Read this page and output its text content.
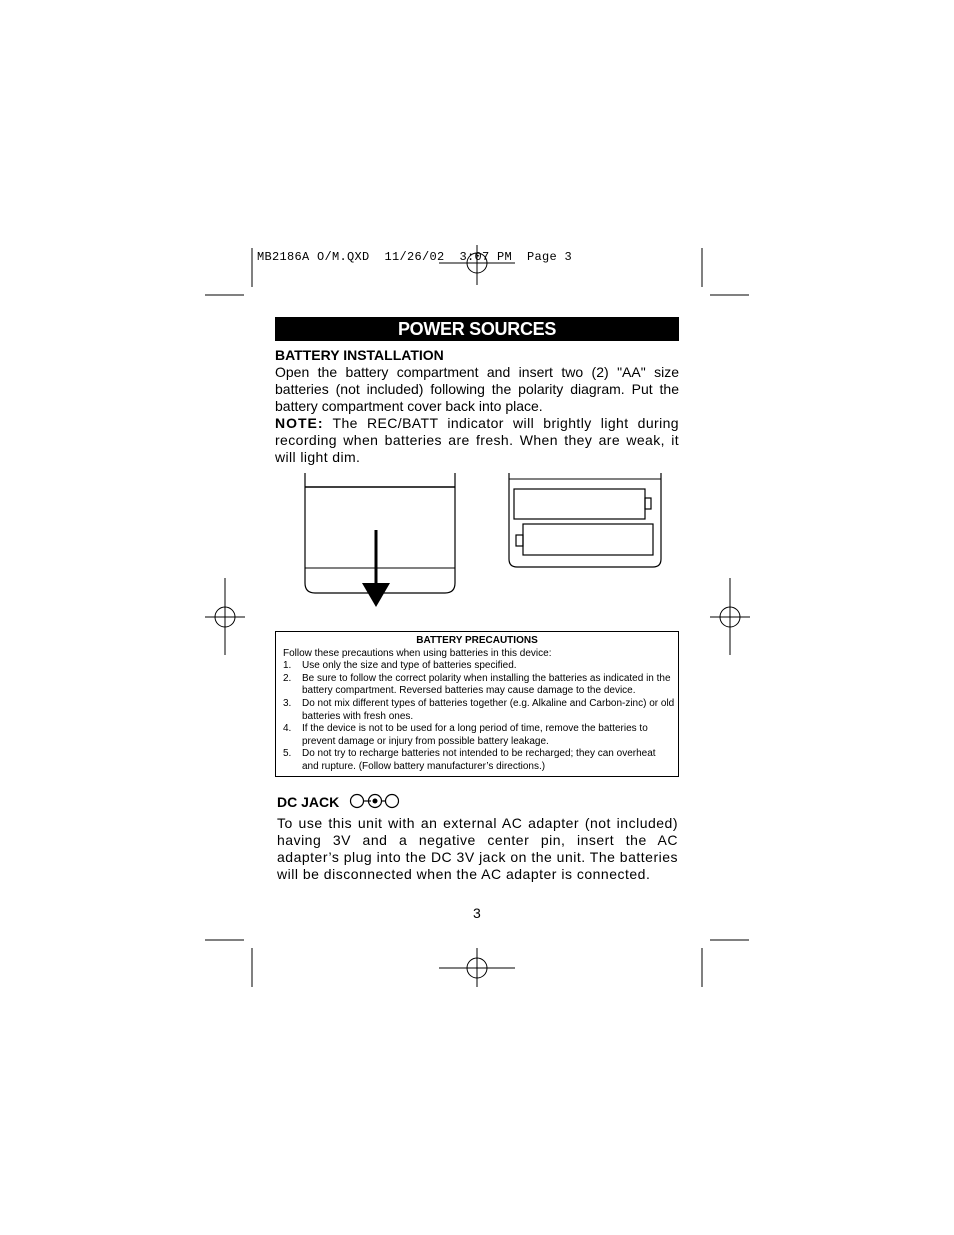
MB2186A O/M.QXD  11/26/02  3:07 PM  Page 3
POWER SOURCES
BATTERY INSTALLATION
Open the battery compartment and insert two (2) "AA" size batteries (not included) following the polarity diagram. Put the battery compartment cover back into place.
NOTE: The REC/BATT indicator will brightly light during recording when batteries are fresh. When they are weak, it will light dim.
BATTERY PRECAUTIONS
Follow these precautions when using batteries in this device:
1. Use only the size and type of batteries specified.
2. Be sure to follow the correct polarity when installing the batteries as indicated in the battery compartment. Reversed batteries may cause damage to the device.
3. Do not mix different types of batteries together (e.g. Alkaline and Carbon-zinc) or old batteries with fresh ones.
4. If the device is not to be used for a long period of time, remove the batteries to prevent damage or injury from possible battery leakage.
5. Do not try to recharge batteries not intended to be recharged; they can overheat and rupture. (Follow battery manufacturer’s directions.)
DC JACK
To use this unit with an external AC adapter (not included) having 3V and a negative center pin, insert the AC adapter’s plug into the DC 3V jack on the unit. The batteries will be disconnected when the AC adapter is connected.
3
